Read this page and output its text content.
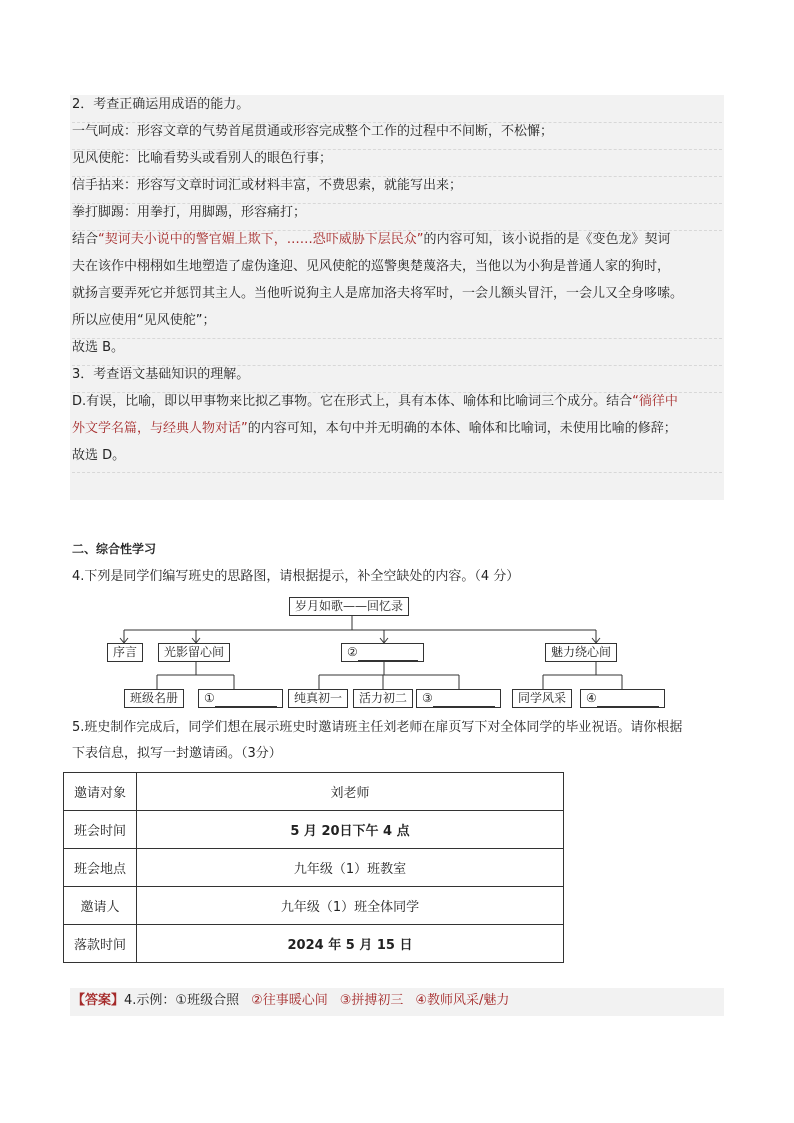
2．考查正确运用成语的能力。
一气呵成：形容文章的气势首尾贯通或形容完成整个工作的过程中不间断，不松懈；
见风使舵：比喻看势头或看别人的眼色行事；
信手拈来：形容写文章时词汇或材料丰富，不费思索，就能写出来；
拳打脚踢：用拳打，用脚踢，形容痛打；
结合“契诃夫小说中的警官媚上欺下，……恐吓威胁下层民众”的内容可知，该小说指的是《变色龙》契诃
夫在该作中栩栩如生地塑造了虚伪逢迎、见风使舵的巡警奥楚蔑洛夫，当他以为小狗是普通人家的狗时，
就扬言要弄死它并惩罚其主人。当他听说狗主人是席加洛夫将军时，一会儿额头冒汗，一会儿又全身哆嗦。
所以应使用“见风使舵”；
故选 B。
3．考查语文基础知识的理解。
D.有误，比喻，即以甲事物来比拟乙事物。它在形式上，具有本体、喻体和比喻词三个成分。结合“徜徉中
外文学名篇，与经典人物对话”的内容可知，本句中并无明确的本体、喻体和比喻词，未使用比喻的修辞；
故选 D。
二、综合性学习
4.下列是同学们编写班史的思路图，请根据提示，补全空缺处的内容。（4 分）
岁月如歌——回忆录
序言	光影留心间	②	魅力绕心间
班级名册	①	纯真初一	活力初二	③	同学风采	④
5.班史制作完成后，同学们想在展示班史时邀请班主任刘老师在扉页写下对全体同学的毕业祝语。请你根据
下表信息，拟写一封邀请函。（3分）
邀请对象	刘老师
班会时间	5 月 20日下午 4 点
班会地点	九年级（1）班教室
邀请人	九年级（1）班全体同学
落款时间	2024 年 5 月 15 日
【答案】4.示例：①班级合照 ②往事暖心间 ③拼搏初三 ④教师风采/魅力
